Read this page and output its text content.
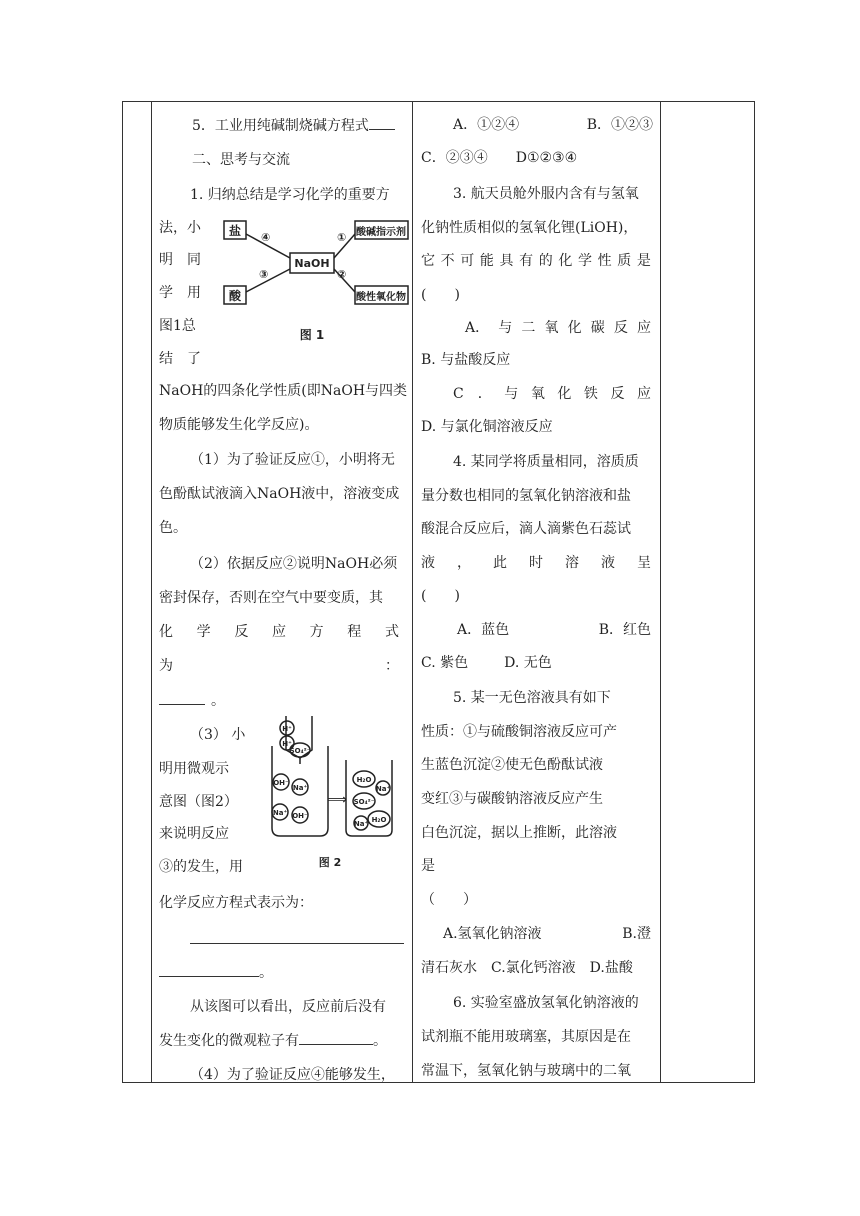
5．工业用纯碱制烧碱方程式
二、思考与交流
1. 归纳总结是学习化学的重要方
法，小
明　同
学　用
图1总
结　了
盐	酸碱指示剂
NaOH
酸	酸性氧化物
④	①
③	②
图 1
NaOH的四条化学性质(即NaOH与四类
物质能够发生化学反应)。
（1）为了验证反应①，小明将无
色酚酞试液滴入NaOH液中，溶液变成
色。
（2）依据反应②说明NaOH必须
密封保存，否则在空气中要变质，其
化 学 反 应 方 程 式
为	：
。
（3） 小
明用微观示
意图（图2）
来说明反应
③的发生，用
H⁺
H⁺
SO₄²⁻
OH⁻
Na⁺
Na⁺ OH⁻
⟹
H₂O
SO₄²⁻
Na⁺
Na⁺ H₂O
图 2
化学反应方程式表示为：
。
从该图可以看出，反应前后没有
发生变化的微观粒子有	。
（4）为了验证反应④能够发生，
A．①②④	B．①②③
C．②③④ D①②③④
3. 航天员舱外服内含有与氢氧
化钠性质相似的氢氧化锂(LiOH)，
它 不 可 能 具 有 的 化 学 性 质 是
(　　)
A． 与 二 氧 化 碳 反 应
B. 与盐酸反应
C　． 与 氧 化 铁 反 应
D. 与氯化铜溶液反应
4. 某同学将质量相同，溶质质
量分数也相同的氢氧化钠溶液和盐
酸混合反应后，滴人滴紫色石蕊试
液 ， 此 时 溶 液 呈
(　　)
A．蓝色	B．红色
C. 紫色	D. 无色
5. 某一无色溶液具有如下
性质：①与硫酸铜溶液反应可产
生蓝色沉淀②使无色酚酞试液
变红③与碳酸钠溶液反应产生
白色沉淀，据以上推断，此溶液
是
（　　）
A.氢氧化钠溶液	B.澄
清石灰水　C.氯化钙溶液　D.盐酸
6. 实验室盛放氢氧化钠溶液的
试剂瓶不能用玻璃塞，其原因是在
常温下，氢氧化钠与玻璃中的二氧
